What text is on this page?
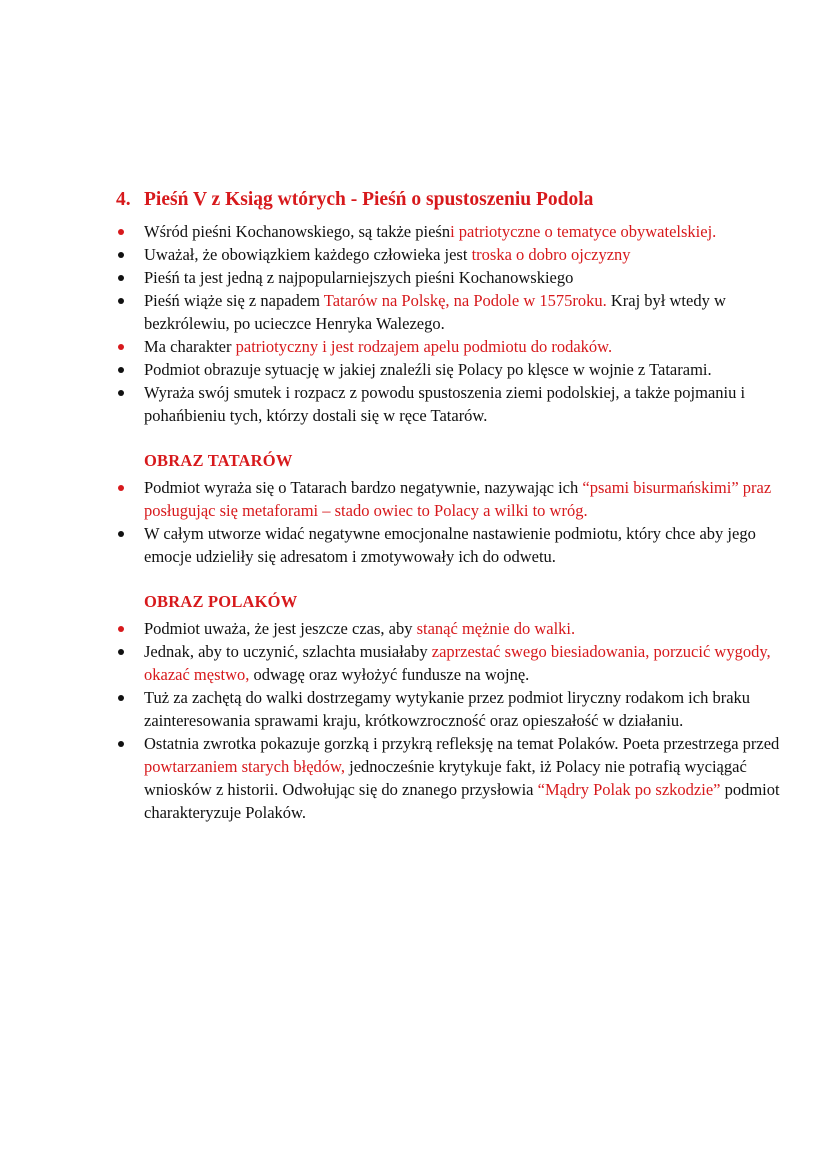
4. Pieśń V z Ksiąg wtórych - Pieśń o spustoszeniu Podola
Wśród pieśni Kochanowskiego, są także pieśni patriotyczne o tematyce obywatelskiej.
Uważał, że obowiązkiem każdego człowieka jest troska o dobro ojczyzny
Pieśń ta jest jedną z najpopularniejszych pieśni Kochanowskiego
Pieśń wiąże się z napadem Tatarów na Polskę, na Podole w 1575roku. Kraj był wtedy w bezkrólewiu, po ucieczce Henryka Walezego.
Ma charakter patriotyczny i jest rodzajem apelu podmiotu do rodaków.
Podmiot obrazuje sytuację w jakiej znaleźli się Polacy po klęsce w wojnie z Tatarami.
Wyraża swój smutek i rozpacz z powodu spustoszenia ziemi podolskiej, a także pojmaniu i pohańbieniu tych, którzy dostali się w ręce Tatarów.
OBRAZ TATARÓW
Podmiot wyraża się o Tatarach bardzo negatywnie, nazywając ich “psami bisurmańskimi” praz posługując się metaforami – stado owiec to Polacy a wilki to wróg.
W całym utworze widać negatywne emocjonalne nastawienie podmiotu, który chce aby jego emocje udzieliły się adresatom i zmotywowały ich do odwetu.
OBRAZ POLAKÓW
Podmiot uważa, że jest jeszcze czas, aby stanąć mężnie do walki.
Jednak, aby to uczynić, szlachta musiałaby zaprzestać swego biesiadowania, porzucić wygody, okazać męstwo, odwagę oraz wyłożyć fundusze na wojnę.
Tuż za zachętą do walki dostrzegamy wytykanie przez podmiot liryczny rodakom ich braku zainteresowania sprawami kraju, krótkowzroczność oraz opieszałość w działaniu.
Ostatnia zwrotka pokazuje gorzką i przykrą refleksję na temat Polaków. Poeta przestrzega przed powtarzaniem starych błędów, jednocześnie krytykuje fakt, iż Polacy nie potrafią wyciągać wniosków z historii. Odwołując się do znanego przysłowia “Mądry Polak po szkodzie” podmiot charakteryzuje Polaków.
